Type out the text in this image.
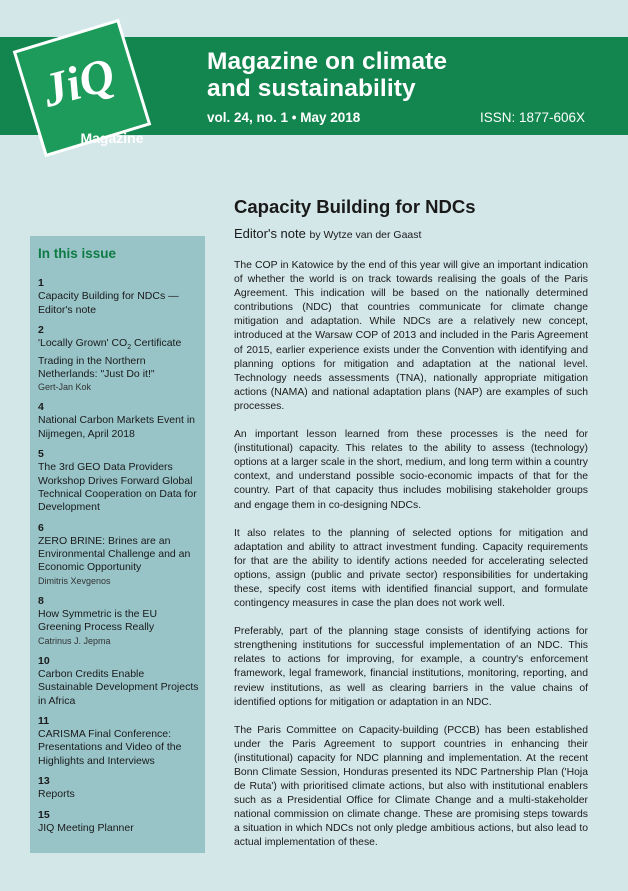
JiQ
Magazine
Magazine on climate
and sustainability
vol. 24, no. 1 • May 2018	ISSN: 1877-606X
In this issue
1
Capacity Building for NDCs — Editor's note
2
'Locally Grown' $CO_2$ Certificate Trading in the Northern Netherlands: "Just Do it!"
Gert-Jan Kok
4
National Carbon Markets Event in Nijmegen, April 2018
5
The 3rd GEO Data Providers Workshop Drives Forward Global Technical Cooperation on Data for Development
6
ZERO BRINE: Brines are an Environmental Challenge and an Economic Opportunity
Dimitris Xevgenos
8
How Symmetric is the EU Greening Process Really
Catrinus J. Jepma
10
Carbon Credits Enable Sustainable Development Projects in Africa
11
CARISMA Final Conference: Presentations and Video of the Highlights and Interviews
13
Reports
15
JIQ Meeting Planner
Capacity Building for NDCs
Editor's note by Wytze van der Gaast

The COP in Katowice by the end of this year will give an important indication of whether the world is on track towards realising the goals of the Paris Agreement. This indication will be based on the nationally determined contributions (NDC) that countries communicate for climate change mitigation and adaptation. While NDCs are a relatively new concept, introduced at the Warsaw COP of 2013 and included in the Paris Agreement of 2015, earlier experience exists under the Convention with identifying and planning options for mitigation and adaptation at the national level. Technology needs assessments (TNA), nationally appropriate mitigation actions (NAMA) and national adaptation plans (NAP) are examples of such processes.

An important lesson learned from these processes is the need for (institutional) capacity. This relates to the ability to assess (technology) options at a larger scale in the short, medium, and long term within a country context, and understand possible socio-economic impacts of that for the country. Part of that capacity thus includes mobilising stakeholder groups and engage them in co-designing NDCs.

It also relates to the planning of selected options for mitigation and adaptation and ability to attract investment funding. Capacity requirements for that are the ability to identify actions needed for accelerating selected options, assign (public and private sector) responsibilities for undertaking these, specify cost items with identified financial support, and formulate contingency measures in case the plan does not work well.

Preferably, part of the planning stage consists of identifying actions for strengthening institutions for successful implementation of an NDC. This relates to actions for improving, for example, a country's enforcement framework, legal framework, financial institutions, monitoring, reporting, and review institutions, as well as clearing barriers in the value chains of identified options for mitigation or adaptation in an NDC.

The Paris Committee on Capacity-building (PCCB) has been established under the Paris Agreement to support countries in enhancing their (institutional) capacity for NDC planning and implementation. At the recent Bonn Climate Session, Honduras presented its NDC Partnership Plan ('Hoja de Ruta') with prioritised climate actions, but also with institutional enablers such as a Presidential Office for Climate Change and a multi-stakeholder national commission on climate change. These are promising steps towards a situation in which NDCs not only pledge ambitious actions, but also lead to actual implementation of these.
